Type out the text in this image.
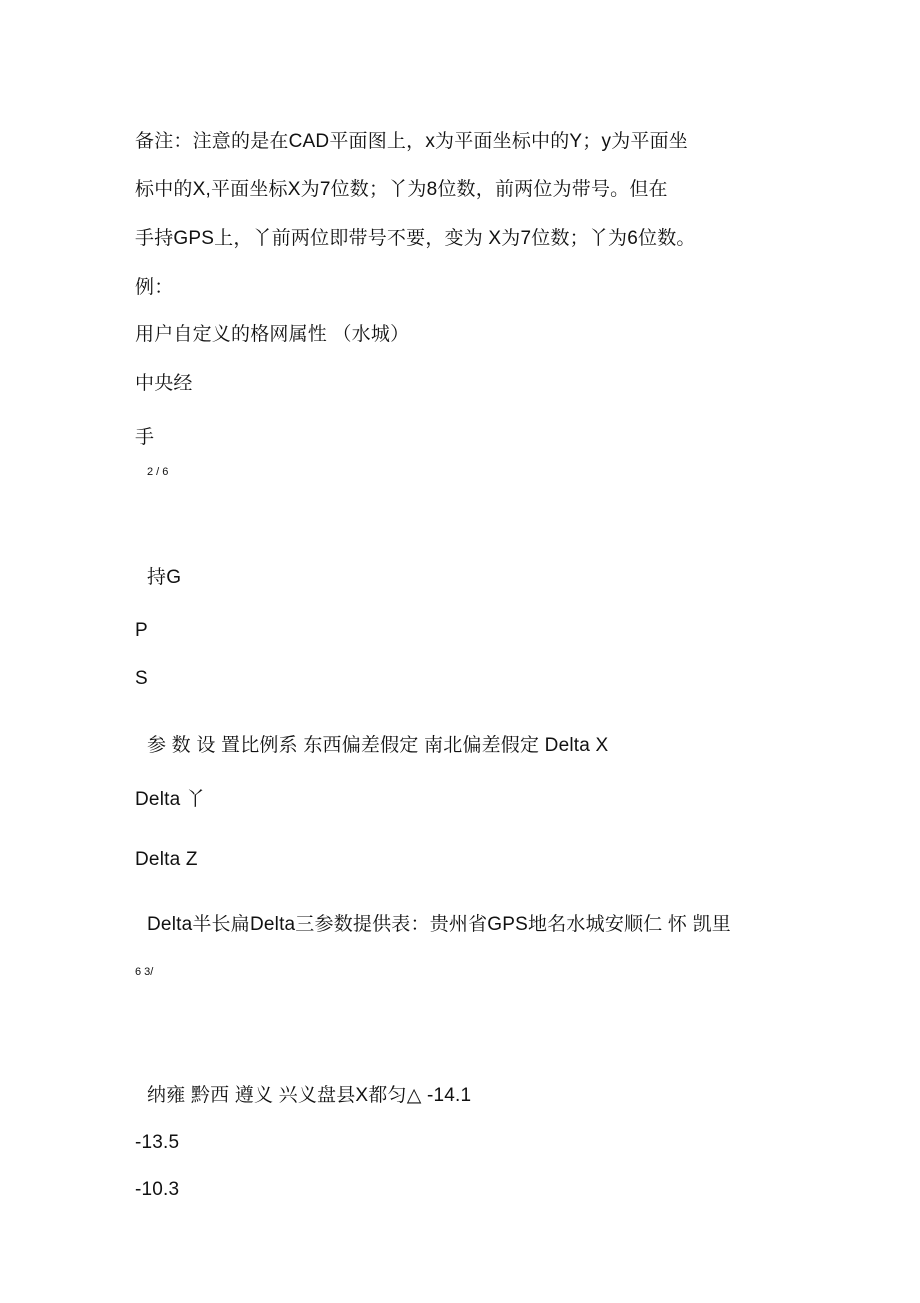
备注：注意的是在CAD平面图上，x为平面坐标中的Y；y为平面坐
标中的X,平面坐标X为7位数；丫为8位数，前两位为带号。但在
手持GPS上，丫前两位即带号不要，变为 X为7位数；丫为6位数。
例：
用户自定义的格网属性 （水城）
中央经
手
2 / 6
持G
P
S
参 数 设 置比例系 东西偏差假定 南北偏差假定 Delta X
Delta 丫
Delta Z
Delta半长扁Delta三参数提供表：贵州省GPS地名水城安顺仁 怀 凯里
6 3/
纳雍 黔西 遵义 兴义盘县X都匀△ -14.1
-13.5
-10.3
